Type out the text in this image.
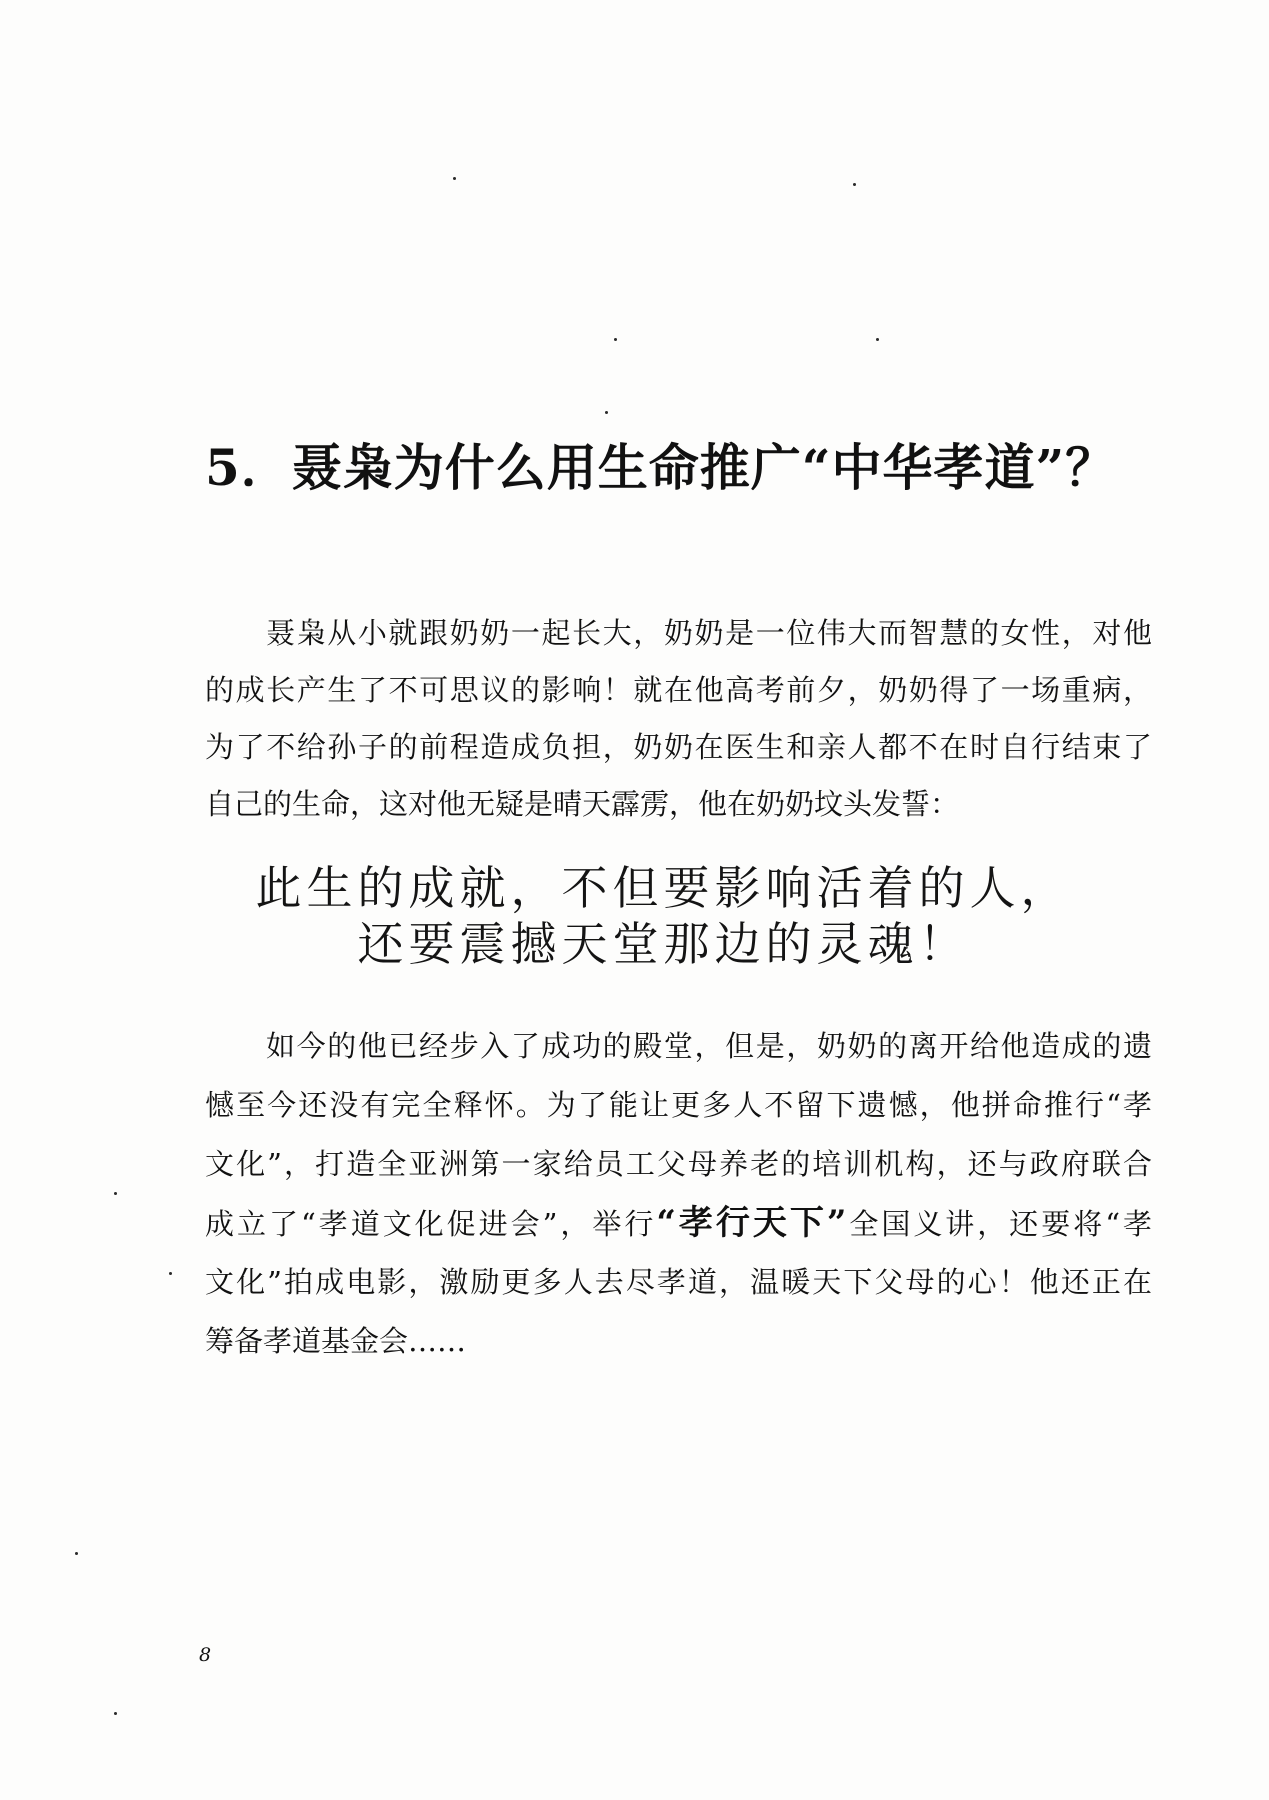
5．聂枭为什么用生命推广“中华孝道”？
聂枭从小就跟奶奶一起长大，奶奶是一位伟大而智慧的女性，对他
的成长产生了不可思议的影响！就在他高考前夕，奶奶得了一场重病，
为了不给孙子的前程造成负担，奶奶在医生和亲人都不在时自行结束了
自己的生命，这对他无疑是晴天霹雳，他在奶奶坟头发誓：
此生的成就，不但要影响活着的人，
还要震撼天堂那边的灵魂！
如今的他已经步入了成功的殿堂，但是，奶奶的离开给他造成的遗
憾至今还没有完全释怀。为了能让更多人不留下遗憾，他拼命推行“孝
文化”，打造全亚洲第一家给员工父母养老的培训机构，还与政府联合
成立了“孝道文化促进会”，举行“孝行天下”全国义讲，还要将“孝
文化”拍成电影，激励更多人去尽孝道，温暖天下父母的心！他还正在
筹备孝道基金会……
8
